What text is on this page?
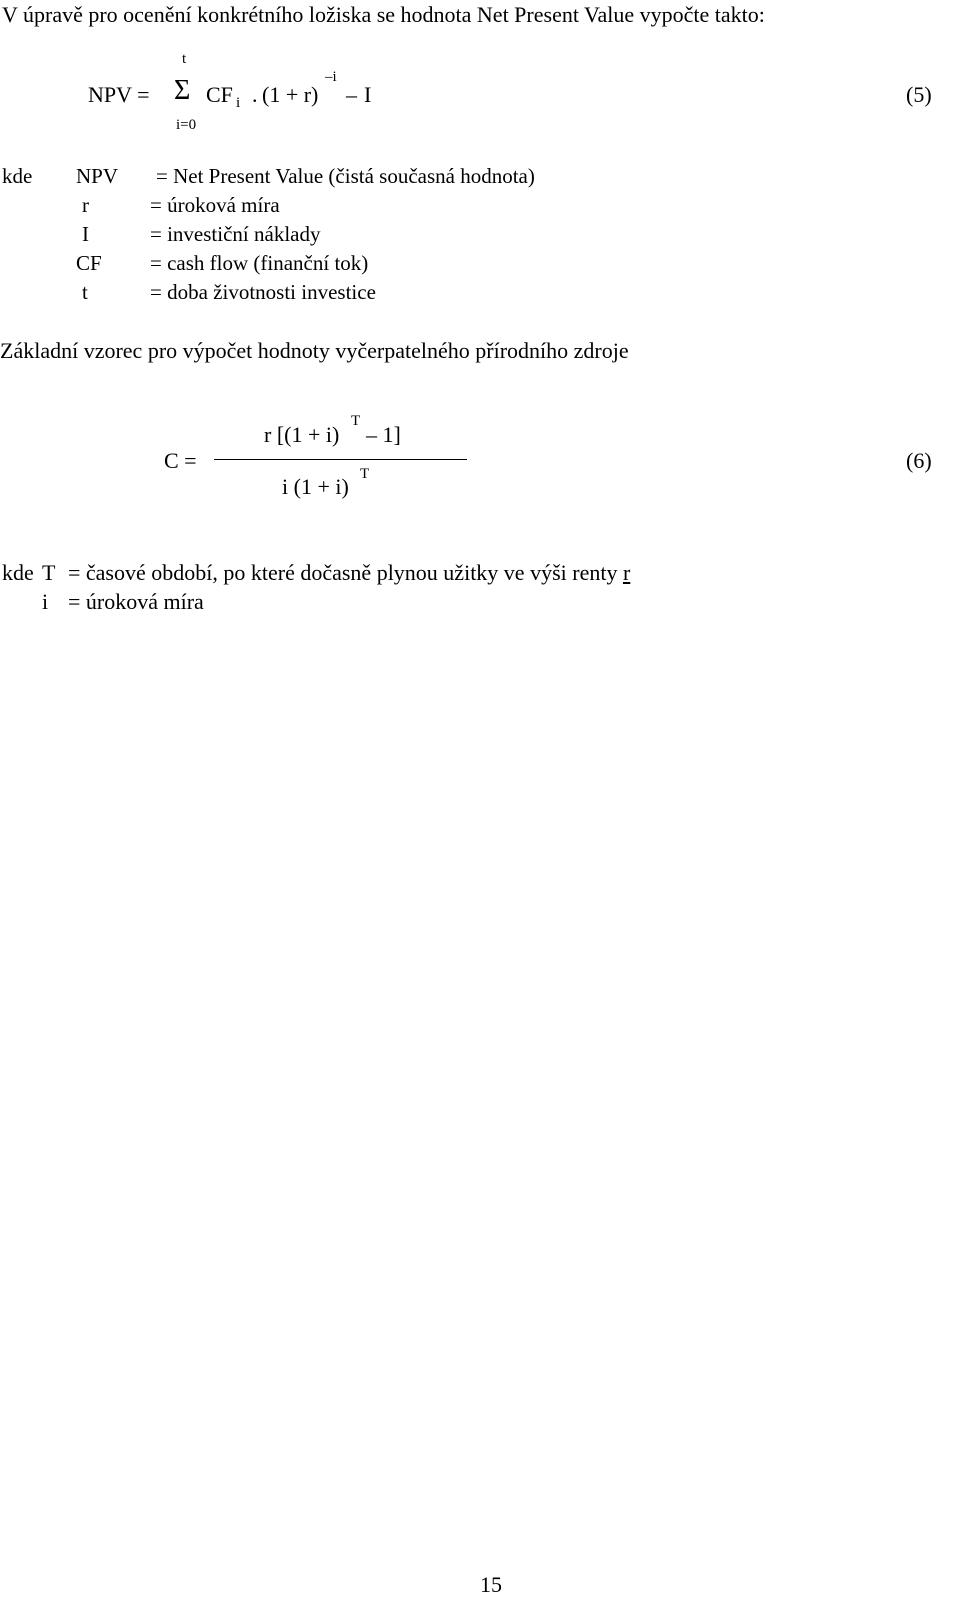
V úpravě pro ocenění konkrétního ložiska se hodnota Net Present Value vypočte takto:
NPV =
t
Σ
i=0
CF i . (1 + r)
–i
– I	(5)
kde NPV = Net Present Value (čistá současná hodnota)
r	= úroková míra
I	= investiční náklady
CF = cash flow (finanční tok)
t	= doba životnosti investice
Základní vzorec pro výpočet hodnoty vyčerpatelného přírodního zdroje
C =
r [(1 + i)
T
– 1]
i (1 + i) T
(6)
kde T = časové období, po které dočasně plynou užitky ve výši renty r
i = úroková míra
15
